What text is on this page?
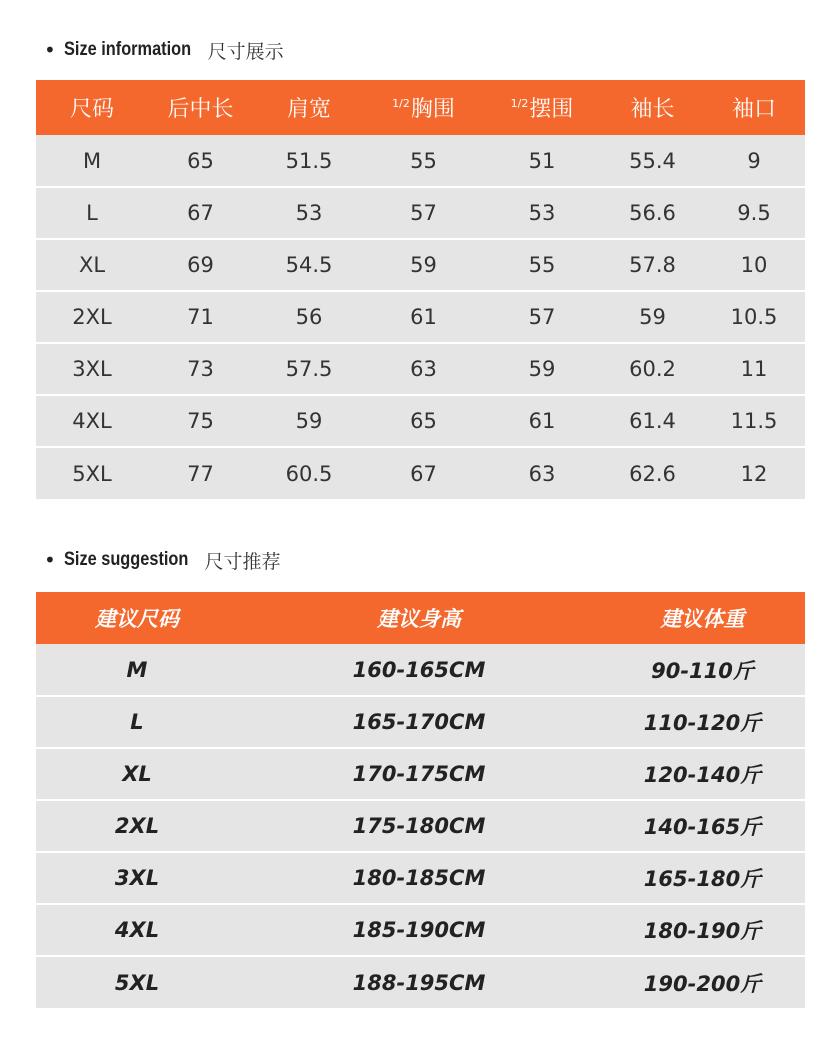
• Size information 尺寸展示
尺码	后中长	肩宽	$^{1/2}$胸围	$^{1/2}$摆围	袖长	袖口
M	65	51.5	55	51	55.4	9
L	67	53	57	53	56.6	9.5
XL	69	54.5	59	55	57.8	10
2XL	71	56	61	57	59	10.5
3XL	73	57.5	63	59	60.2	11
4XL	75	59	65	61	61.4	11.5
5XL	77	60.5	67	63	62.6	12
• Size suggestion 尺寸推荐
建议尺码	建议身高	建议体重
M	160-165CM	90-110斤
L	165-170CM	110-120斤
XL	170-175CM	120-140斤
2XL	175-180CM	140-165斤
3XL	180-185CM	165-180斤
4XL	185-190CM	180-190斤
5XL	188-195CM	190-200斤
